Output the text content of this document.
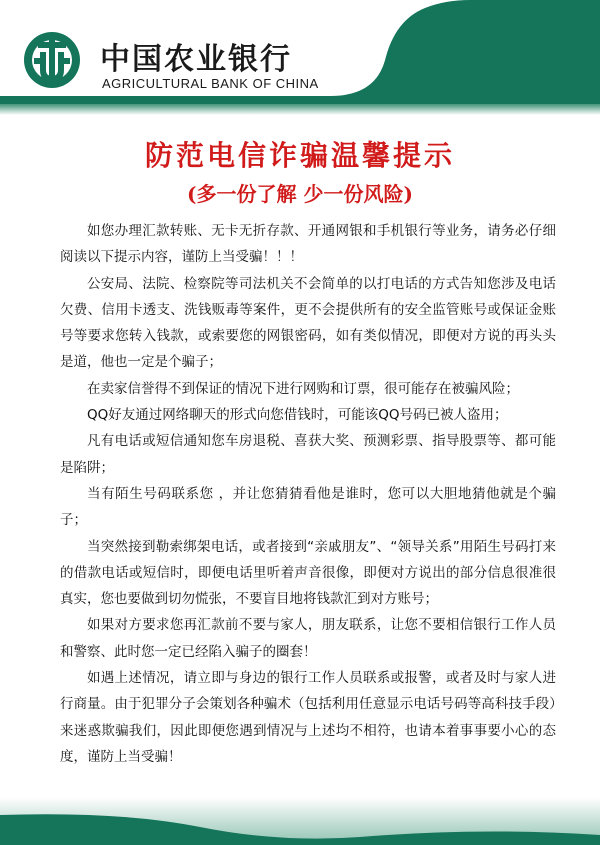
中国农业银行
AGRICULTURAL BANK OF CHINA
防范电信诈骗温馨提示
(多一份了解 少一份风险)

如您办理汇款转账、无卡无折存款、开通网银和手机银行等业务，请务必仔细阅读以下提示内容，谨防上当受骗！！！

公安局、法院、检察院等司法机关不会简单的以打电话的方式告知您涉及电话欠费、信用卡透支、洗钱贩毒等案件，更不会提供所有的安全监管账号或保证金账号等要求您转入钱款，或索要您的网银密码，如有类似情况，即便对方说的再头头是道，他也一定是个骗子；

在卖家信誉得不到保证的情况下进行网购和订票，很可能存在被骗风险；

QQ好友通过网络聊天的形式向您借钱时，可能该QQ号码已被人盗用；

凡有电话或短信通知您车房退税、喜获大奖、预测彩票、指导股票等、都可能是陷阱；

当有陌生号码联系您 ，并让您猜猜看他是谁时，您可以大胆地猜他就是个骗子；

当突然接到勒索绑架电话，或者接到“亲戚朋友”、“领导关系”用陌生号码打来的借款电话或短信时，即便电话里听着声音很像，即便对方说出的部分信息很准很真实，您也要做到切勿慌张，不要盲目地将钱款汇到对方账号；

如果对方要求您再汇款前不要与家人，朋友联系，让您不要相信银行工作人员和警察、此时您一定已经陷入骗子的圈套！

如遇上述情况，请立即与身边的银行工作人员联系或报警，或者及时与家人进行商量。由于犯罪分子会策划各种骗术（包括利用任意显示电话号码等高科技手段）来迷惑欺骗我们，因此即便您遇到情况与上述均不相符，也请本着事事要小心的态度，谨防上当受骗！
